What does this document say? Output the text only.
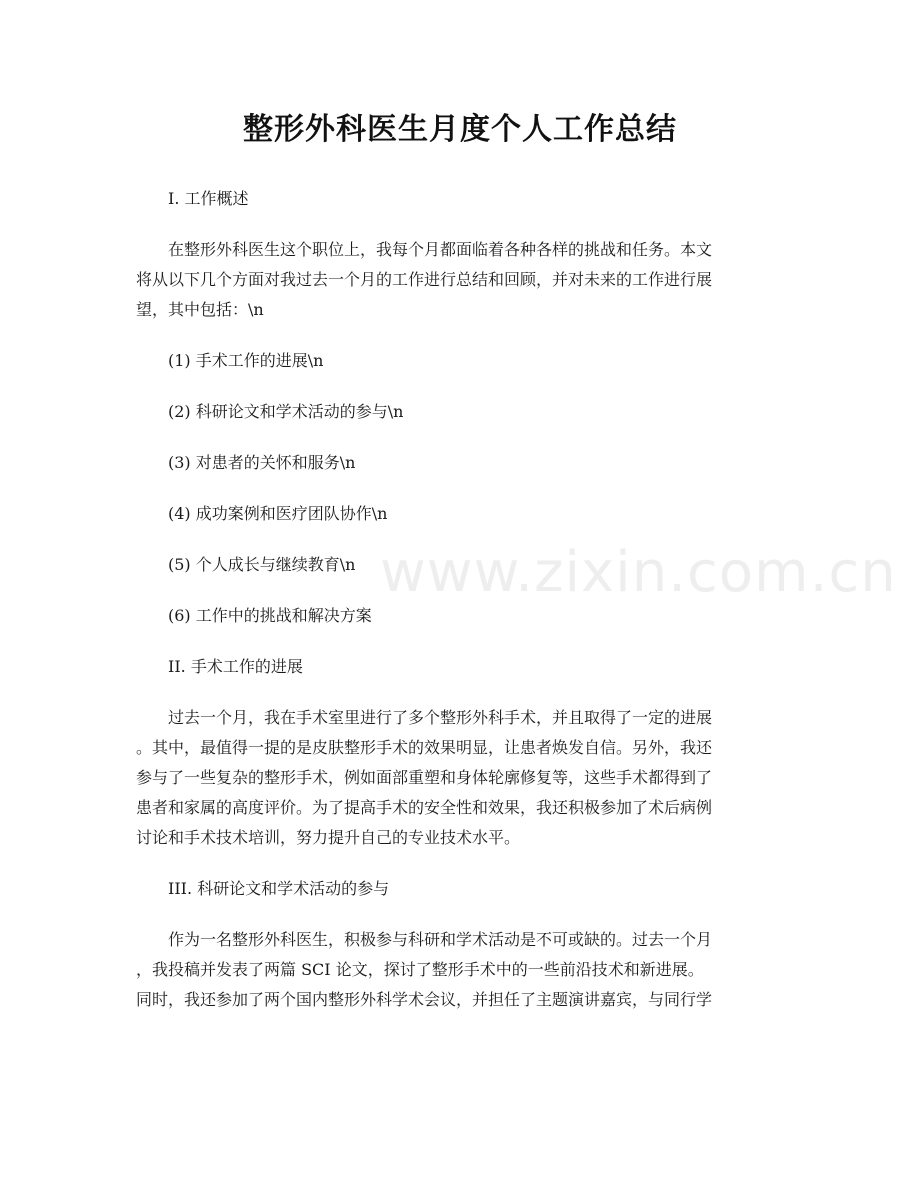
整形外科医生月度个人工作总结
www.zixin.com.cn

I. 工作概述

在整形外科医生这个职位上，我每个月都面临着各种各样的挑战和任务。本文
将从以下几个方面对我过去一个月的工作进行总结和回顾，并对未来的工作进行展
望，其中包括：\n

(1) 手术工作的进展\n

(2) 科研论文和学术活动的参与\n

(3) 对患者的关怀和服务\n

(4) 成功案例和医疗团队协作\n

(5) 个人成长与继续教育\n

(6) 工作中的挑战和解决方案

II. 手术工作的进展

过去一个月，我在手术室里进行了多个整形外科手术，并且取得了一定的进展
。其中，最值得一提的是皮肤整形手术的效果明显，让患者焕发自信。另外，我还
参与了一些复杂的整形手术，例如面部重塑和身体轮廓修复等，这些手术都得到了
患者和家属的高度评价。为了提高手术的安全性和效果，我还积极参加了术后病例
讨论和手术技术培训，努力提升自己的专业技术水平。

III. 科研论文和学术活动的参与

作为一名整形外科医生，积极参与科研和学术活动是不可或缺的。过去一个月
，我投稿并发表了两篇 SCI 论文，探讨了整形手术中的一些前沿技术和新进展。
同时，我还参加了两个国内整形外科学术会议，并担任了主题演讲嘉宾，与同行学
